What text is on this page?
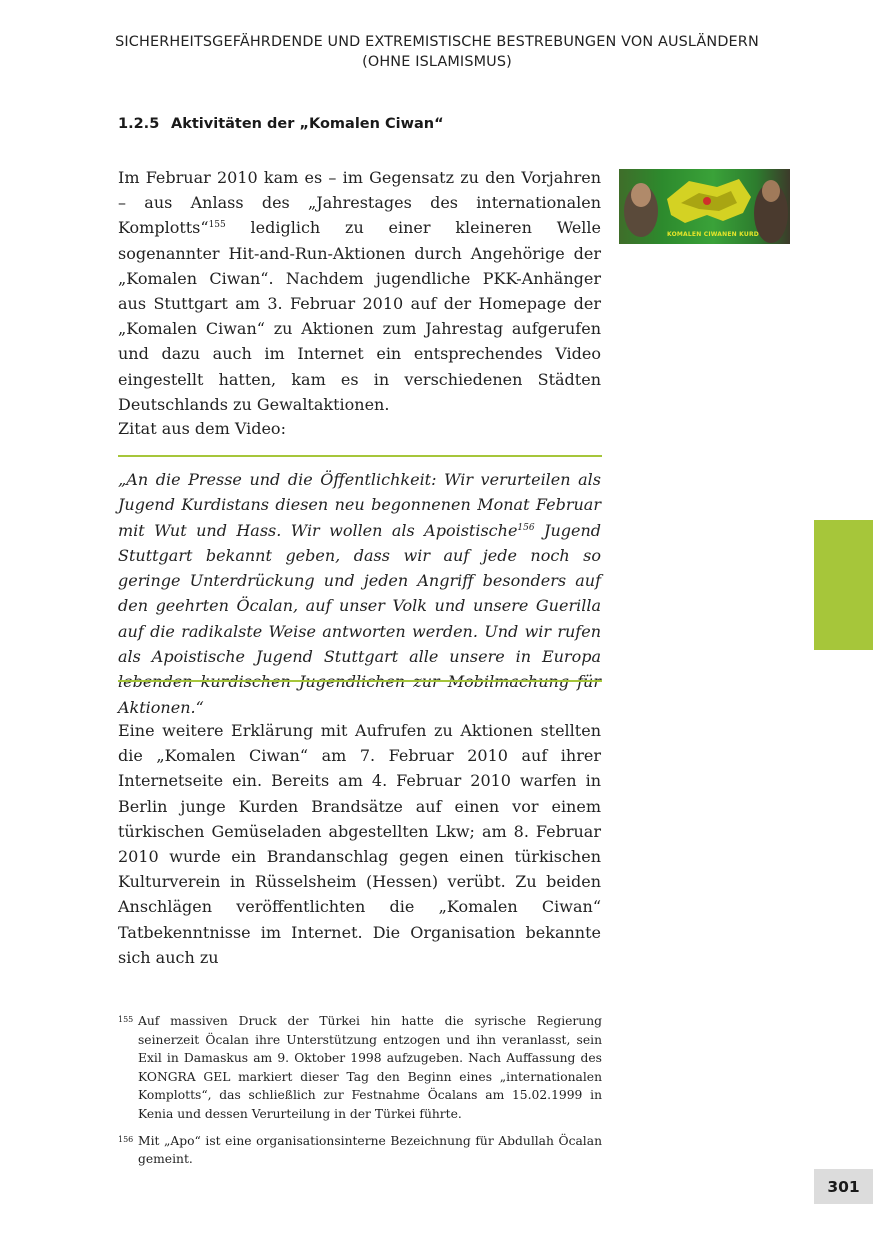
SICHERHEITSGEFÄHRDENDE UND EXTREMISTISCHE BESTREBUNGEN VON AUSLÄNDERN
(OHNE ISLAMISMUS)
1.2.5 Aktivitäten der „Komalen Ciwan“

Im Februar 2010 kam es – im Gegensatz zu den Vorjahren – aus Anlass des „Jahrestages des internationalen Komplotts“$^{155}$ lediglich zu einer kleineren Welle sogenannter Hit-and-Run-Aktionen durch Angehörige der „Komalen Ciwan“. Nachdem jugendliche PKK-Anhänger aus Stuttgart am 3. Februar 2010 auf der Homepage der „Komalen Ciwan“ zu Aktionen zum Jahrestag aufgerufen und dazu auch im Internet ein entsprechendes Video eingestellt hatten, kam es in verschiedenen Städten Deutschlands zu Gewaltaktionen.

KOMALEN CIWANEN KURD

Zitat aus dem Video:

„An die Presse und die Öffentlichkeit: Wir verurteilen als Jugend Kurdistans diesen neu begonnenen Monat Februar mit Wut und Hass. Wir wollen als Apoistische$^{156}$ Jugend Stuttgart bekannt geben, dass wir auf jede noch so geringe Unterdrückung und jeden Angriff besonders auf den geehrten Öcalan, auf unser Volk und unsere Guerilla auf die radikalste Weise antworten werden. Und wir rufen als Apoistische Jugend Stuttgart alle unsere in Europa Aktionen.“

Eine weitere Erklärung mit Aufrufen zu Aktionen stellten die „Komalen Ciwan“ am 7. Februar 2010 auf ihrer Internetseite ein. Bereits am 4. Februar 2010 warfen in Berlin junge Kurden Brandsätze auf einen vor einem türkischen Gemüseladen abgestellten Lkw; am 8. Februar 2010 wurde ein Brandanschlag gegen einen türkischen Kulturverein in Rüsselsheim (Hessen) verübt. Zu beiden Anschlägen veröffentlichten die „Komalen Ciwan“ Tatbekenntnisse im Internet. Die Organisation bekannte sich auch zu

155 Auf massiven Druck der Türkei hin hatte die syrische Regierung seinerzeit Öcalan ihre Unterstützung entzogen und ihn veranlasst, sein Exil in Damaskus am 9. Oktober 1998 aufzugeben. Nach Auffassung des KONGRA GEL markiert dieser Tag den Beginn eines „internationalen Komplotts“, das schließlich zur Festnahme Öcalans am 15.02.1999 in Kenia und dessen Verurteilung in der Türkei führte.
156 Mit „Apo“ ist eine organisationsinterne Bezeichnung für Abdullah Öcalan gemeint.
301
